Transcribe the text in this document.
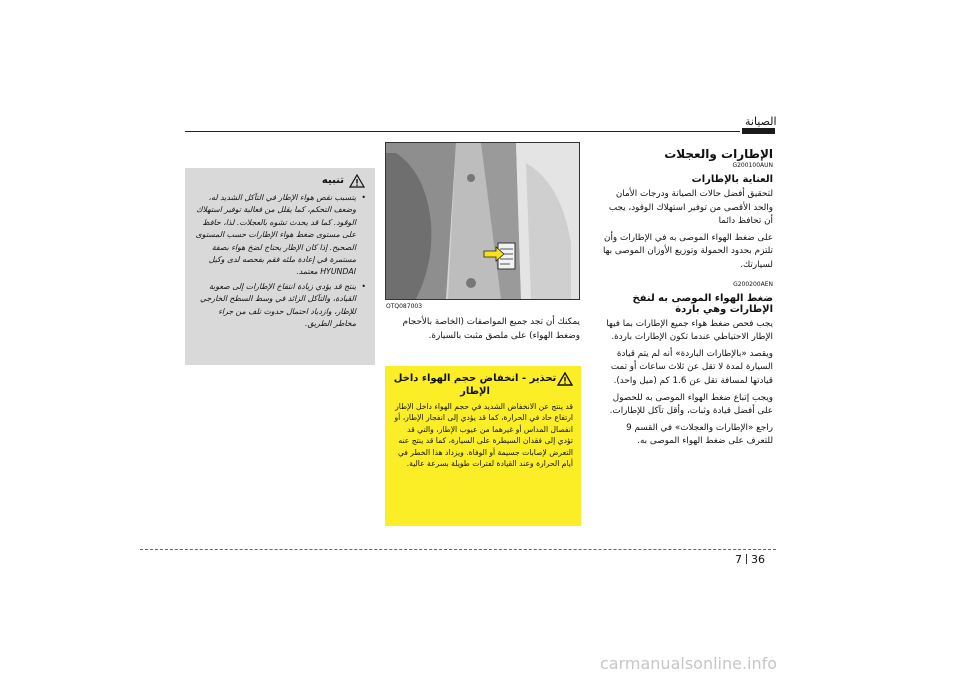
الصيانة
الإطارات والعجلات
G200100AUN
العناية بالإطارات

لتحقيق أفضل حالات الصيانة ودرجات الأمان والحد الأقصى من توفير استهلاك الوقود، يجب أن تحافظ دائما

على ضغط الهواء الموصى به في الإطارات وأن تلتزم بحدود الحمولة وتوزيع الأوزان الموصى بها لسيارتك.

G200200AEN
ضغط الهواء الموصى به لنفخ الإطارات وهي باردة

يجب فحص ضغط هواء جميع الإطارات بما فيها الإطار الاحتياطي عندما تكون الإطارات باردة.

ويقصد «بالإطارات الباردة» أنه لم يتم قيادة السيارة لمدة لا تقل عن ثلاث ساعات أو تمت قيادتها لمسافة تقل عن 1.6 كم (ميل واحد).

ويجب إتباع ضغط الهواء الموصى به للحصول على أفضل قيادة وثبات، وأقل تآكل للإطارات.

راجع «الإطارات والعجلات» في القسم 9 للتعرف على ضغط الهواء الموصى به.

OTQ087003
يمكنك أن تجد جميع المواصفات (الخاصة بالأحجام وضغط الهواء) على ملصق مثبت بالسيارة.
تحذير - انخفاض حجم الهواء داخل الإطار
قد ينتج عن الانخفاض الشديد في حجم الهواء داخل الإطار ارتفاع حاد في الحرارة، كما قد يؤدي إلى انفجار الإطار، أو انفصال المداس أو غيرهما من عيوب الإطار، والتي قد تؤدي إلى فقدان السيطرة على السيارة، كما قد ينتج عنه التعرض لإصابات جسيمة أو الوفاة. ويزداد هذا الخطر في أيام الحرارة وعند القيادة لفترات طويلة بسرعة عالية.
تنبيه
• يتسبب نقص هواء الإطار في التآكل الشديد له، وضعف التحكم، كما يقلل من فعالية توفير استهلاك الوقود. كما قد يحدث تشوه بالعجلات. لذا، حافظ على مستوى ضغط هواء الإطارات حسب المستوى الصحيح. إذا كان الإطار يحتاج لضخ هواء بصفة مستمرة في إعادة ملئه فقم بفحصه لدى وكيل HYUNDAI معتمد.
• ينتج قد يؤدي زيادة انتفاخ الإطارات إلى صعوبة القيادة، والتآكل الزائد في وسط السطح الخارجي للإطار، وازدياد احتمال حدوث تلف من جراء مخاطر الطريق.
7 36
carmanualsonline.info
